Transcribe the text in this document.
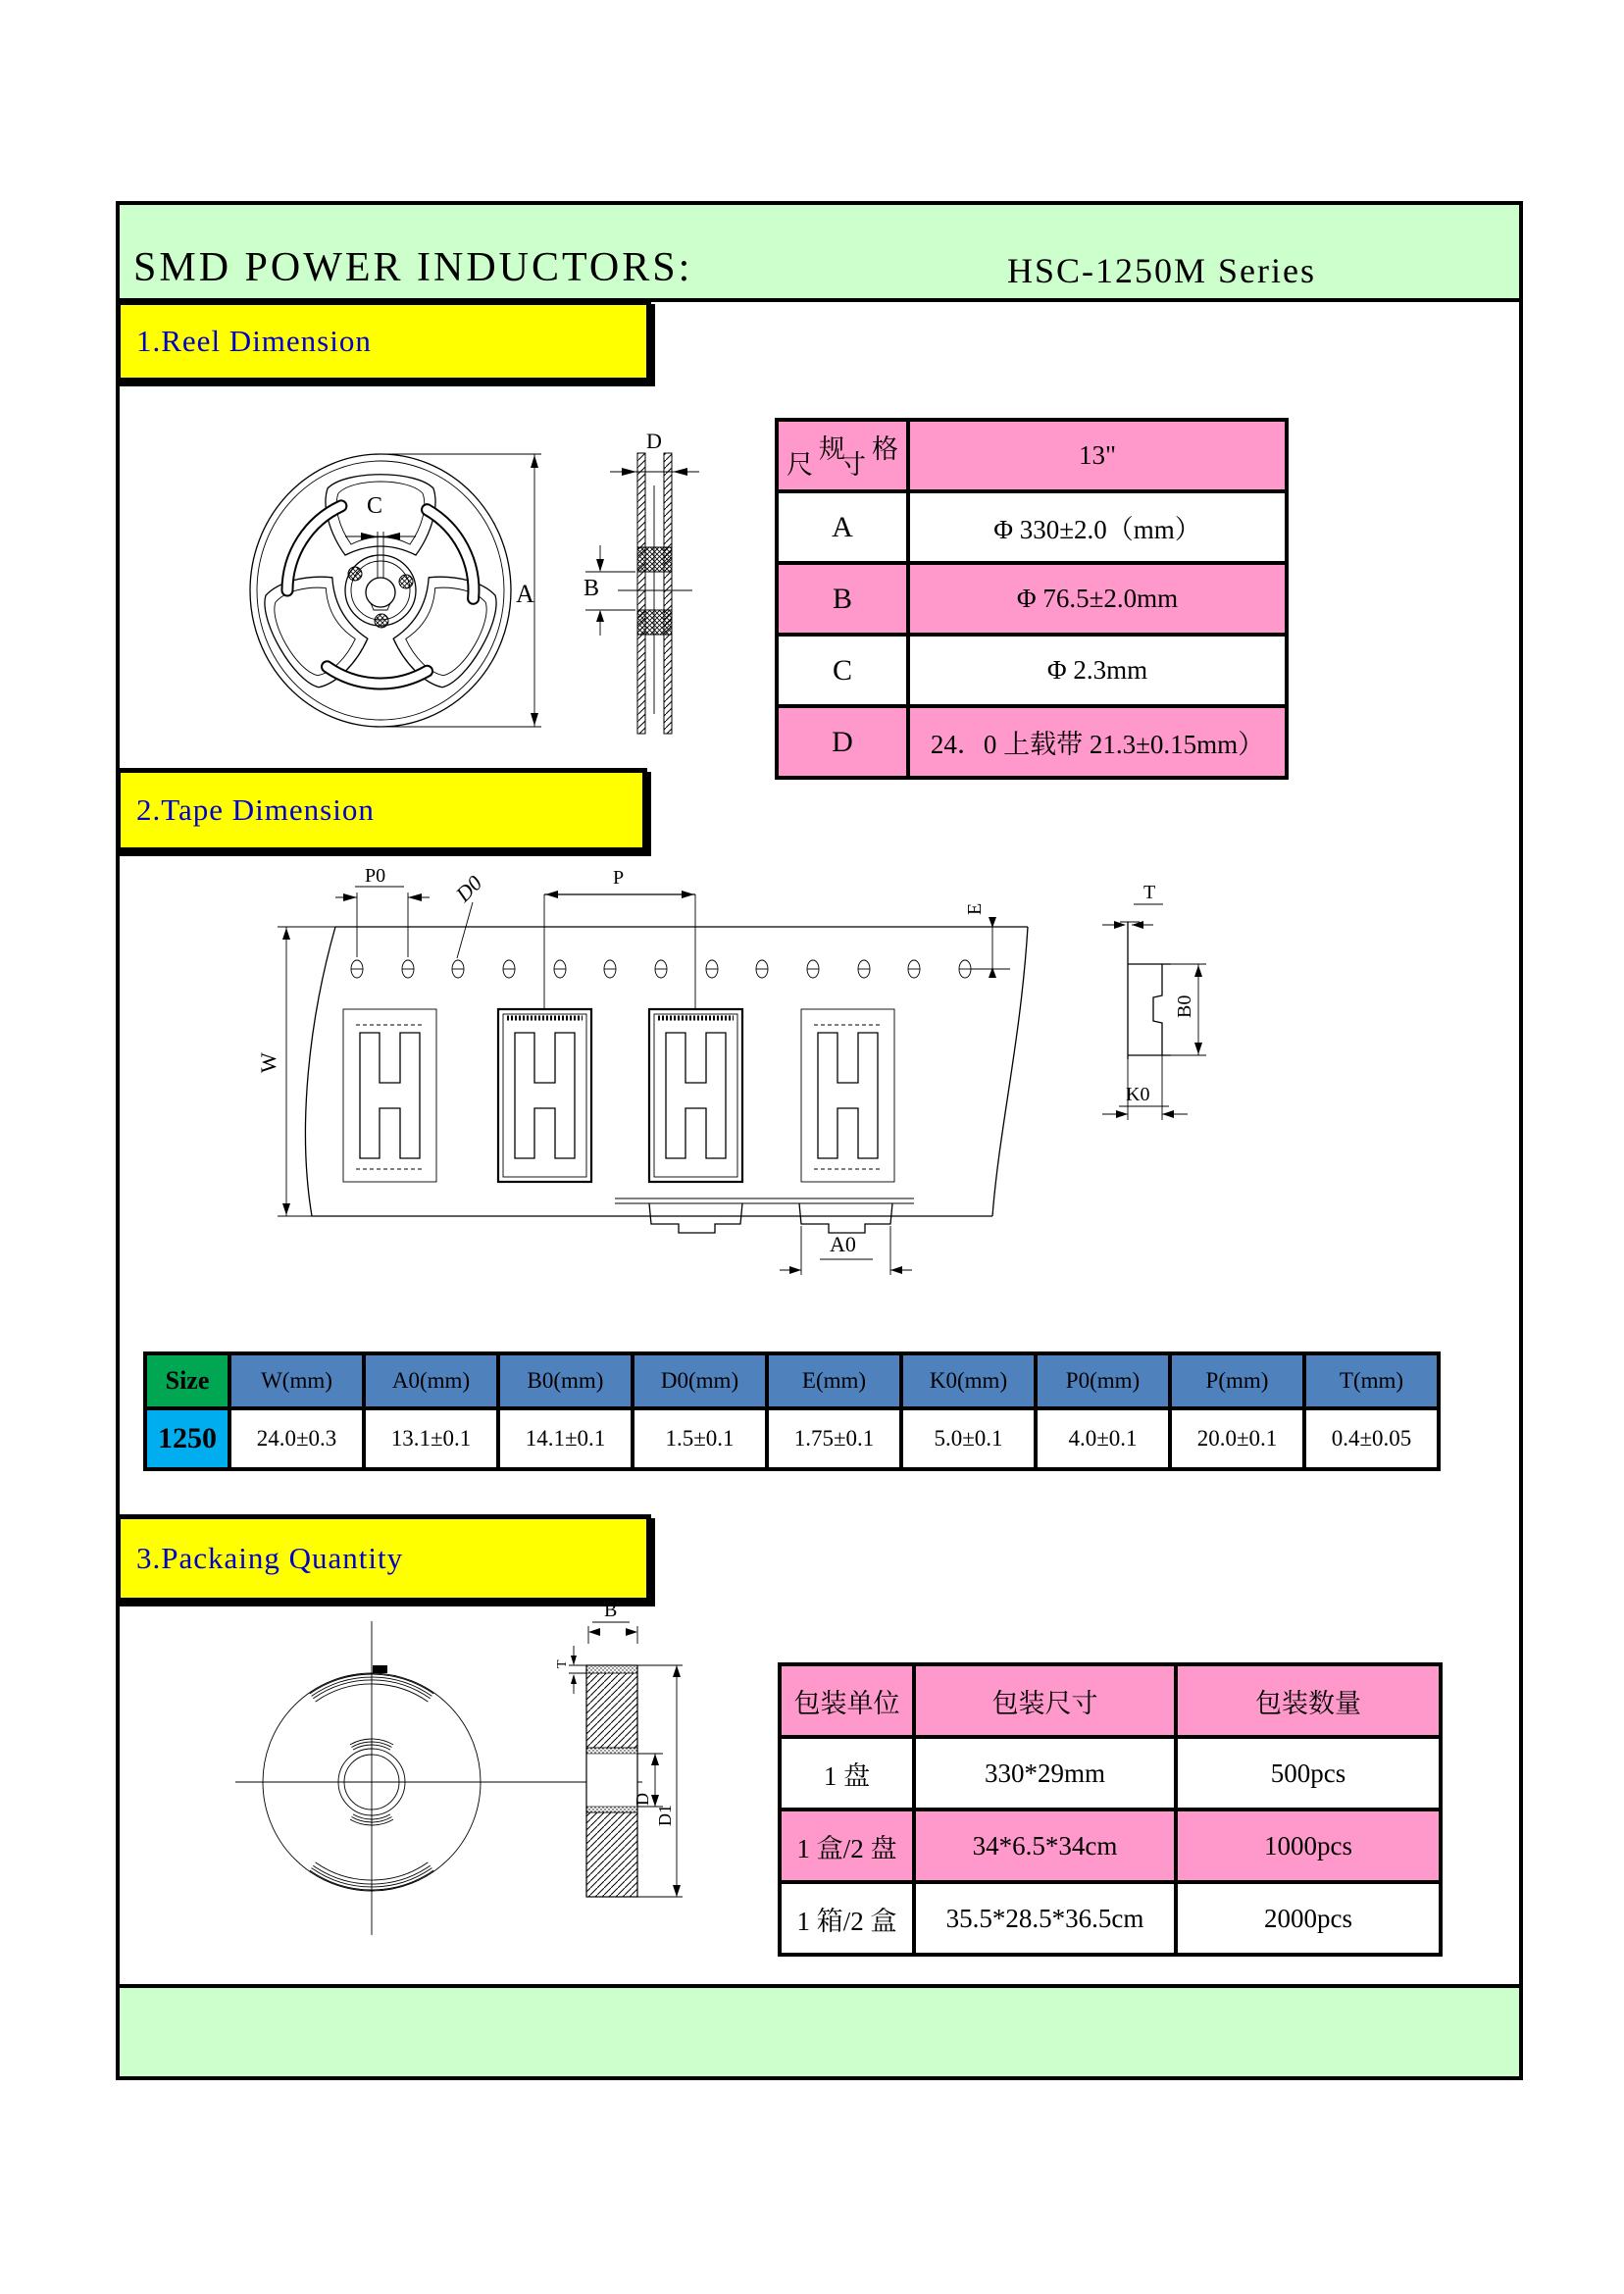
SMD POWER INDUCTORS:	HSC-1250M Series
1.Reel Dimension
2.Tape Dimension
3.Packaing Quantity
C
A
D
B
规　格
尺　寸	13"
A	Φ 330±2.0（mm）
B	Φ 76.5±2.0mm
C	Φ 2.3mm
D	24．0 上载带 21.3±0.15mm）
W
P0	D0	P
E
T
B0
K0
A0
Size	W(mm)	A0(mm)	B0(mm)	D0(mm)	E(mm)	K0(mm)	P0(mm)	P(mm)	T(mm)
1250	24.0±0.3	13.1±0.1	14.1±0.1	1.5±0.1	1.75±0.1	5.0±0.1	4.0±0.1	20.0±0.1	0.4±0.05
B
T
D
D1
包装单位	包装尺寸	包装数量
1 盘	330*29mm	500pcs
1 盒/2 盘	34*6.5*34cm	1000pcs
1 箱/2 盒	35.5*28.5*36.5cm	2000pcs
